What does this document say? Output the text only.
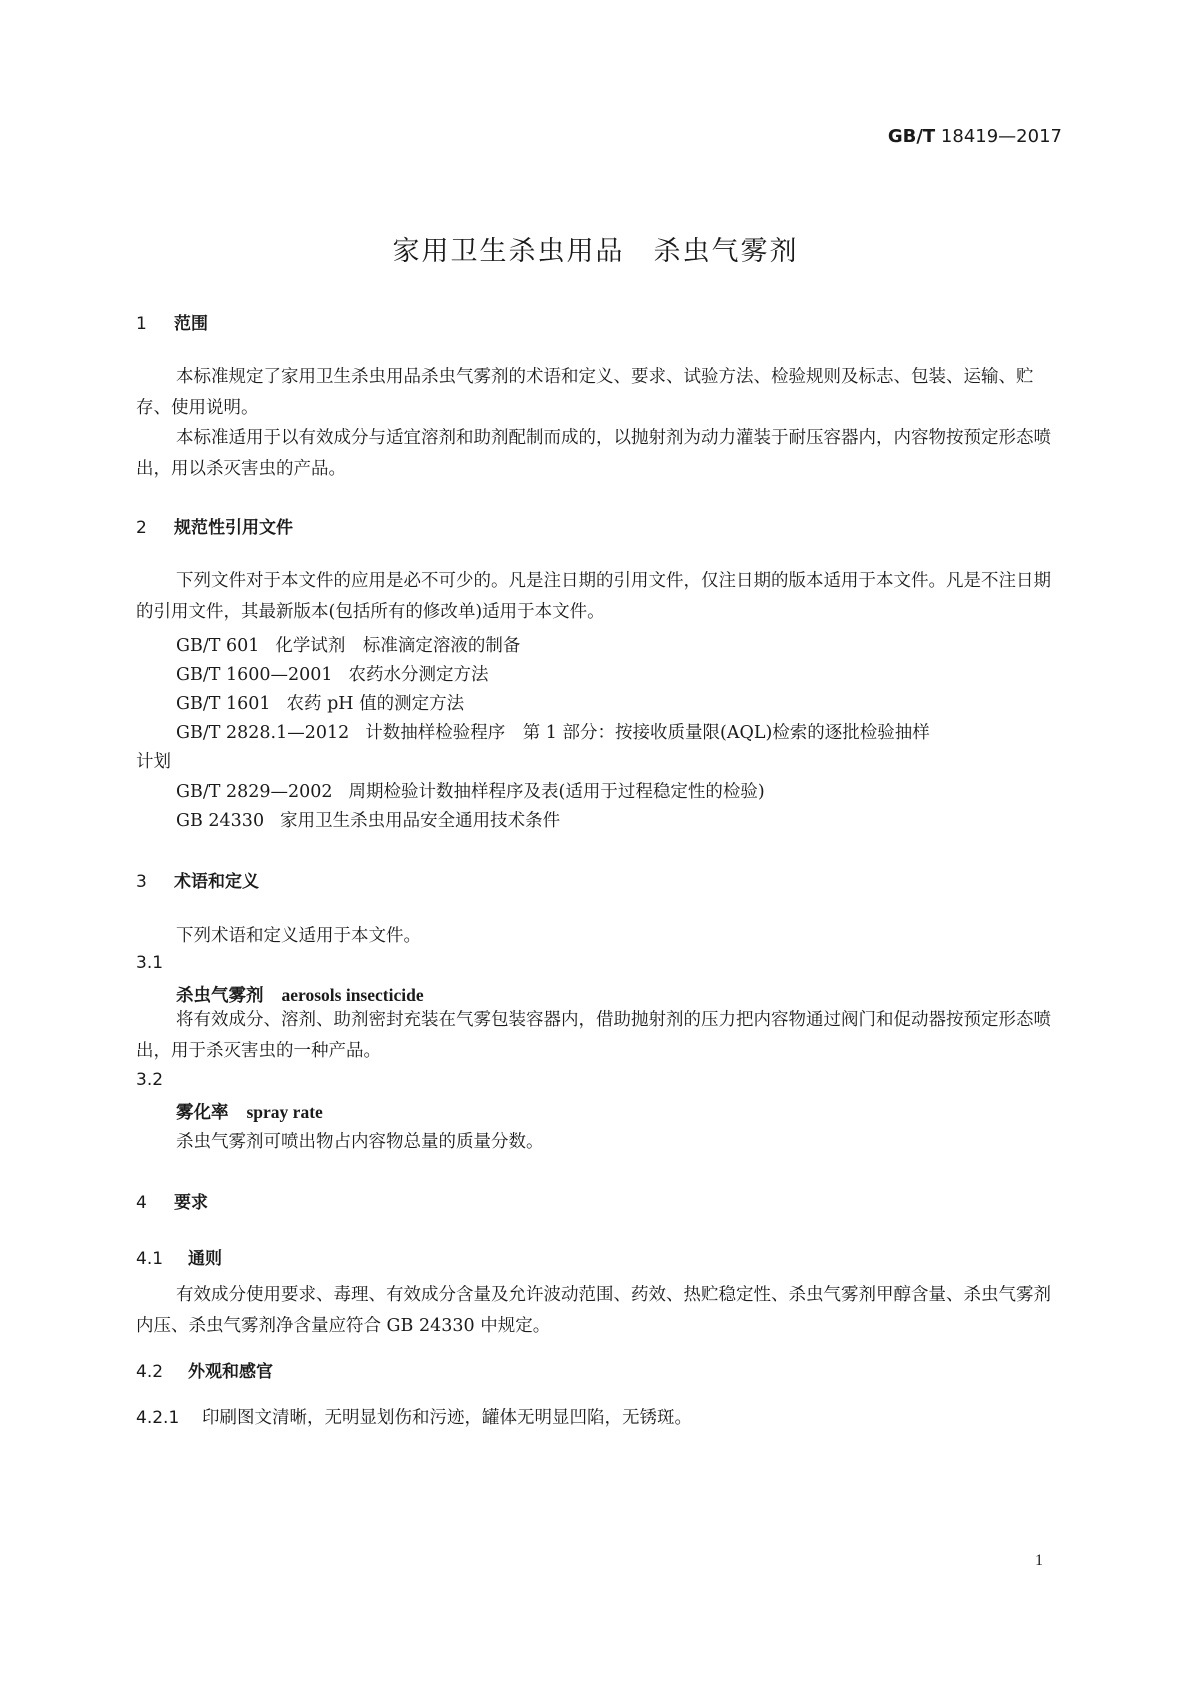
GB/T 18419—2017
家用卫生杀虫用品　杀虫气雾剂
1 范围
本标准规定了家用卫生杀虫用品杀虫气雾剂的术语和定义、要求、试验方法、检验规则及标志、包装、运输、贮存、使用说明。
本标准适用于以有效成分与适宜溶剂和助剂配制而成的，以抛射剂为动力灌装于耐压容器内，内容物按预定形态喷出，用以杀灭害虫的产品。
2 规范性引用文件
下列文件对于本文件的应用是必不可少的。凡是注日期的引用文件，仅注日期的版本适用于本文件。凡是不注日期的引用文件，其最新版本(包括所有的修改单)适用于本文件。
GB/T 601 化学试剂　标准滴定溶液的制备
GB/T 1600—2001 农药水分测定方法
GB/T 1601 农药 pH 值的测定方法
GB/T 2828.1—2012 计数抽样检验程序　第 1 部分：按接收质量限(AQL)检索的逐批检验抽样
计划
GB/T 2829—2002 周期检验计数抽样程序及表(适用于过程稳定性的检验)
GB 24330 家用卫生杀虫用品安全通用技术条件
3 术语和定义
下列术语和定义适用于本文件。
3.1
杀虫气雾剂 aerosols insecticide
将有效成分、溶剂、助剂密封充装在气雾包装容器内，借助抛射剂的压力把内容物通过阀门和促动器按预定形态喷出，用于杀灭害虫的一种产品。
3.2
雾化率 spray rate
杀虫气雾剂可喷出物占内容物总量的质量分数。
4 要求
4.1 通则
有效成分使用要求、毒理、有效成分含量及允许波动范围、药效、热贮稳定性、杀虫气雾剂甲醇含量、杀虫气雾剂内压、杀虫气雾剂净含量应符合 GB 24330 中规定。
4.2 外观和感官
4.2.1 印刷图文清晰，无明显划伤和污迹，罐体无明显凹陷，无锈斑。
1
